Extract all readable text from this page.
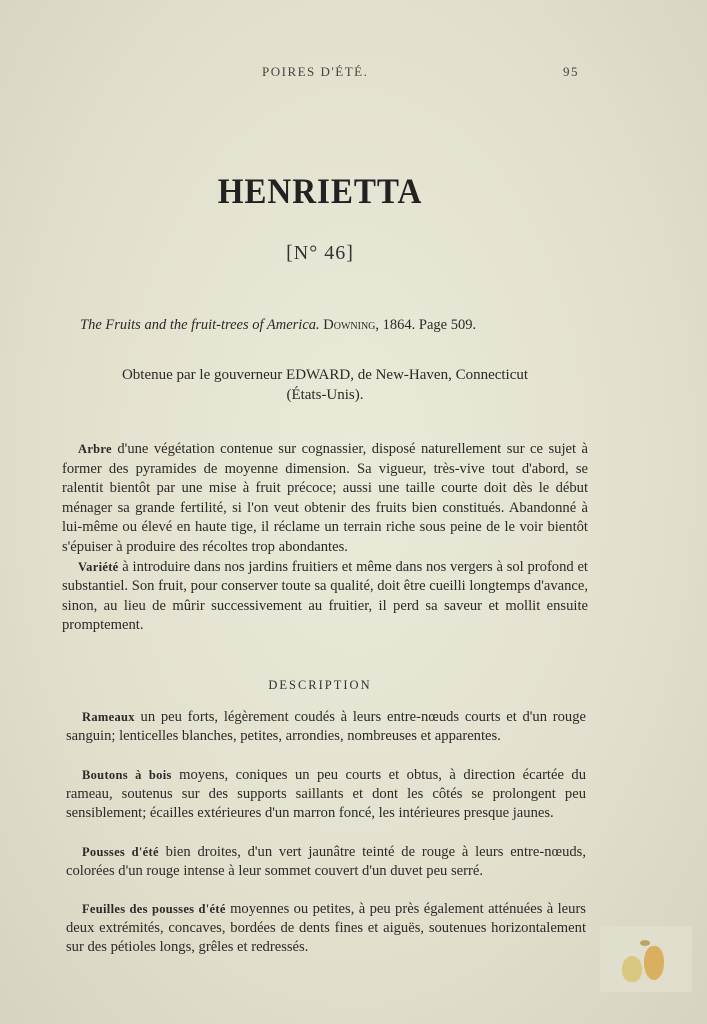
POIRES D'ÉTÉ.	95
HENRIETTA
[N° 46]
The Fruits and the fruit-trees of America. Downing, 1864. Page 509.
Obtenue par le gouverneur EDWARD, de New-Haven, Connecticut
(États-Unis).

Arbre d'une végétation contenue sur cognassier, disposé naturellement sur ce sujet à former des pyramides de moyenne dimension. Sa vigueur, très-vive tout d'abord, se ralentit bientôt par une mise à fruit précoce; aussi une taille courte doit dès le début ménager sa grande fertilité, si l'on veut obtenir des fruits bien constitués. Abandonné à lui-même ou élevé en haute tige, il réclame un terrain riche sous peine de le voir bientôt s'épuiser à produire des récoltes trop abondantes.

Variété à introduire dans nos jardins fruitiers et même dans nos vergers à sol profond et substantiel. Son fruit, pour conserver toute sa qualité, doit être cueilli longtemps d'avance, sinon, au lieu de mûrir successivement au fruitier, il perd sa saveur et mollit ensuite promptement.

DESCRIPTION

Rameaux un peu forts, légèrement coudés à leurs entre-nœuds courts et d'un rouge sanguin; lenticelles blanches, petites, arrondies, nombreuses et apparentes.

Boutons à bois moyens, coniques un peu courts et obtus, à direction écartée du rameau, soutenus sur des supports saillants et dont les côtés se prolongent peu sensiblement; écailles extérieures d'un marron foncé, les intérieures presque jaunes.

Pousses d'été bien droites, d'un vert jaunâtre teinté de rouge à leurs entre-nœuds, colorées d'un rouge intense à leur sommet couvert d'un duvet peu serré.

Feuilles des pousses d'été moyennes ou petites, à peu près également atténuées à leurs deux extrémités, concaves, bordées de dents fines et aiguës, soutenues horizontalement sur des pétioles longs, grêles et redressés.
